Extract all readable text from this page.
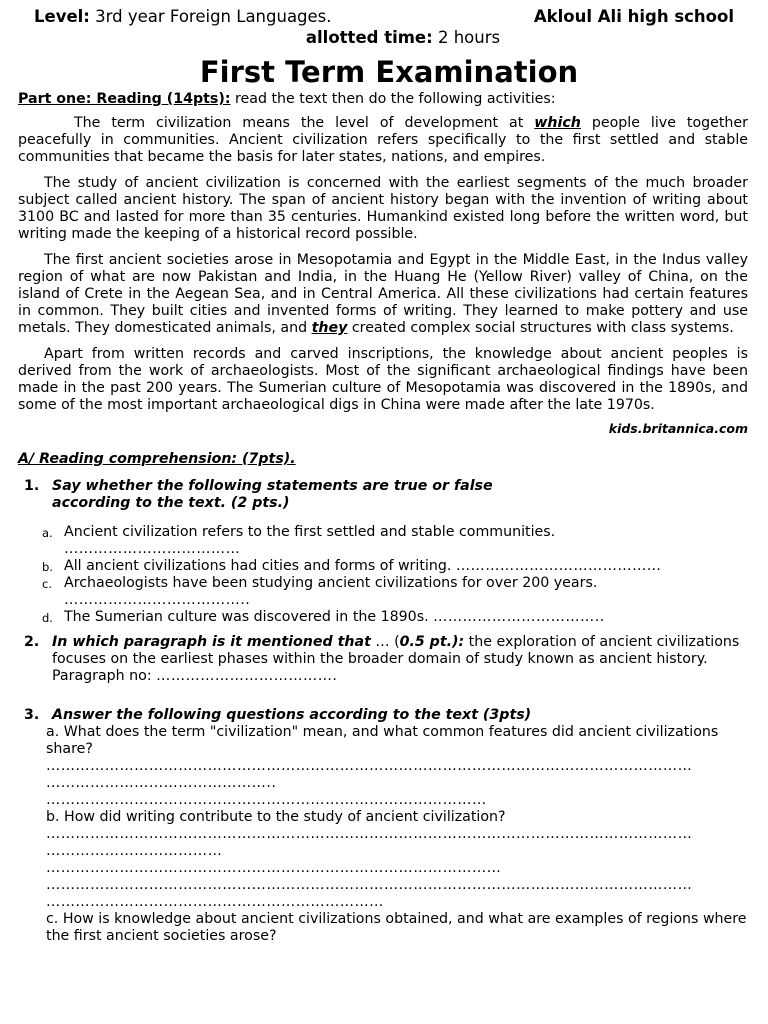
Level: 3rd year Foreign Languages.	Akloul Ali high school
allotted time: 2 hours
First Term Examination
Part one: Reading (14pts): read the text then do the following activities:

The term civilization means the level of development at which people live together peacefully in communities. Ancient civilization refers specifically to the first settled and stable communities that became the basis for later states, nations, and empires.

The study of ancient civilization is concerned with the earliest segments of the much broader subject called ancient history. The span of ancient history began with the invention of writing about 3100 BC and lasted for more than 35 centuries. Humankind existed long before the written word, but writing made the keeping of a historical record possible.

The first ancient societies arose in Mesopotamia and Egypt in the Middle East, in the Indus valley region of what are now Pakistan and India, in the Huang He (Yellow River) valley of China, on the island of Crete in the Aegean Sea, and in Central America. All these civilizations had certain features in common. They built cities and invented forms of writing. They learned to make pottery and use metals. They domesticated animals, and they created complex social structures with class systems.

Apart from written records and carved inscriptions, the knowledge about ancient peoples is derived from the work of archaeologists. Most of the significant archaeological findings have been made in the past 200 years. The Sumerian culture of Mesopotamia was discovered in the 1890s, and some of the most important archaeological digs in China were made after the late 1970s.

kids.britannica.com
A/ Reading comprehension: (7pts).
1. Say whether the following statements are true or false according to the text. (2 pts.)
a. Ancient civilization refers to the first settled and stable communities.
………………………………
b. All ancient civilizations had cities and forms of writing. ……………………………………
c. Archaeologists have been studying ancient civilizations for over 200 years.
………………………………..
d. The Sumerian culture was discovered in the 1890s. ……………………………..
2. In which paragraph is it mentioned that … (0.5 pt.): the exploration of ancient civilizations focuses on the earliest phases within the broader domain of study known as ancient history. Paragraph no: ……………………………….
3. Answer the following questions according to the text (3pts)
a. What does the term "civilization" mean, and what common features did ancient civilizations share?
……………………………………………………………………………………………………………………
………………………………………..
………………………………………………………………………………
b. How did writing contribute to the study of ancient civilization?
……………………………………………………………………………………………………………………
………………………………
…………………………………………………………………………………
……………………………………………………………………………………………………………………
……………………………………………………………
c. How is knowledge about ancient civilizations obtained, and what are examples of regions where the first ancient societies arose?
